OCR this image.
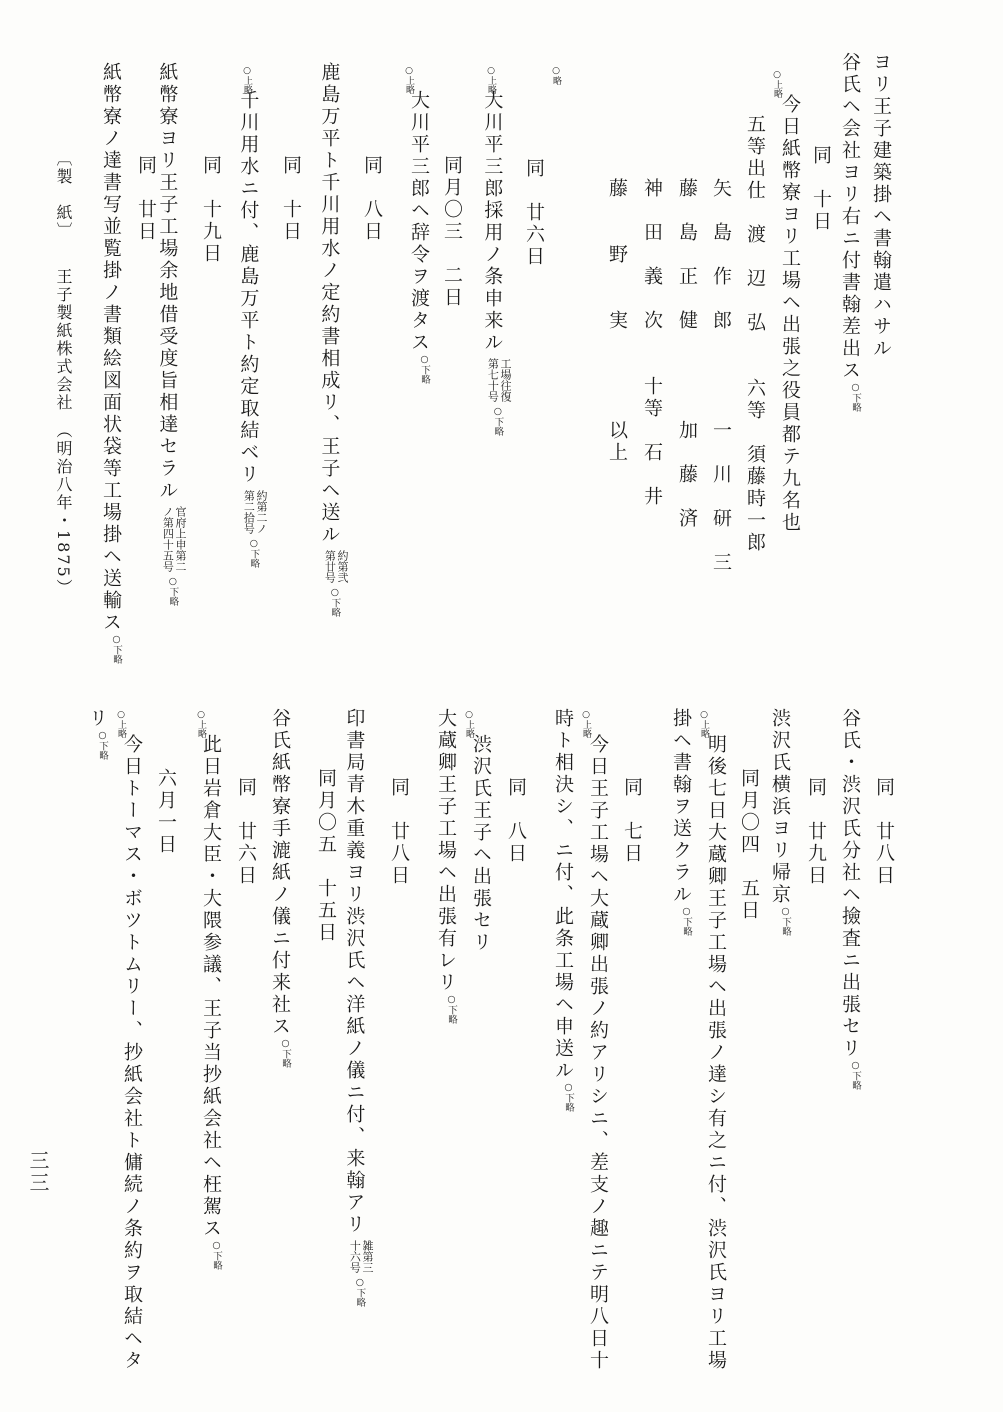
ヨリ王子建築掛ヘ書翰遣ハサル
谷氏ヘ会社ヨリ右ニ付書翰差出ス○下略
同　十日
○上略
今日紙幣寮ヨリ工場ヘ出張之役員都テ九名也
五等出仕　渡　辺　弘　　六等　須藤時一郎
矢　島　作　郎　　　　一　川　研　三
藤　島　正　健　　　　加　藤　済
神　田　義　次　　十等　石　井
藤　　野　　実　　　　以上
○略
同　廿六日
○上略
大川平三郎採用ノ条申来ル工場往復
第七十号○下略
同月〇三　二日
○上略
大川平三郎ヘ辞令ヲ渡タス○下略
同　八日
鹿島万平ト千川用水ノ定約書相成リ、王子ヘ送ル約第弐
第廿号○下略
同　十日
○上略
千川用水ニ付、鹿島万平ト約定取結ベリ約第二ノ
第二拾号○下略
同　十九日
紙幣寮ヨリ王子工場余地借受度旨相達セラル官府上申第二
ノ第四十五号○下略
同　廿日
紙幣寮ノ達書写並覧掛ノ書類絵図面状袋等工場掛ヘ送輸ス○下略
〔製　紙〕　　王子製紙株式会社　（明治八年・1875）
同　廿八日
谷氏・渋沢氏分社ヘ撿査ニ出張セリ○下略
同　廿九日
渋沢氏横浜ヨリ帰京○下略
同月〇四　五日
○上略
明後七日大蔵卿王子工場ヘ出張ノ達シ有之ニ付、渋沢氏ヨリ工場
掛ヘ書翰ヲ送クラル○下略
同　七日
○上略
今日王子工場ヘ大蔵卿出張ノ約アリシニ、差支ノ趣ニテ明八日十
時ト相決シ、ニ付、此条工場ヘ申送ル○下略
同　八日
○上略
渋沢氏王子ヘ出張セリ
大蔵卿王子工場ヘ出張有レリ○下略
同　廿八日
印書局青木重義ヨリ渋沢氏ヘ洋紙ノ儀ニ付、来翰アリ雑第三
十六号○下略
同月〇五　十五日
谷氏紙幣寮手漉紙ノ儀ニ付来社ス○下略
同　廿六日
○上略
此日岩倉大臣・大隈参議、王子当抄紙会社ヘ枉駕ス○下略
六月一日
○上略
今日トーマス・ボツトムリー、抄紙会社ト傭続ノ条約ヲ取結ヘタ
リ○下略
三三
